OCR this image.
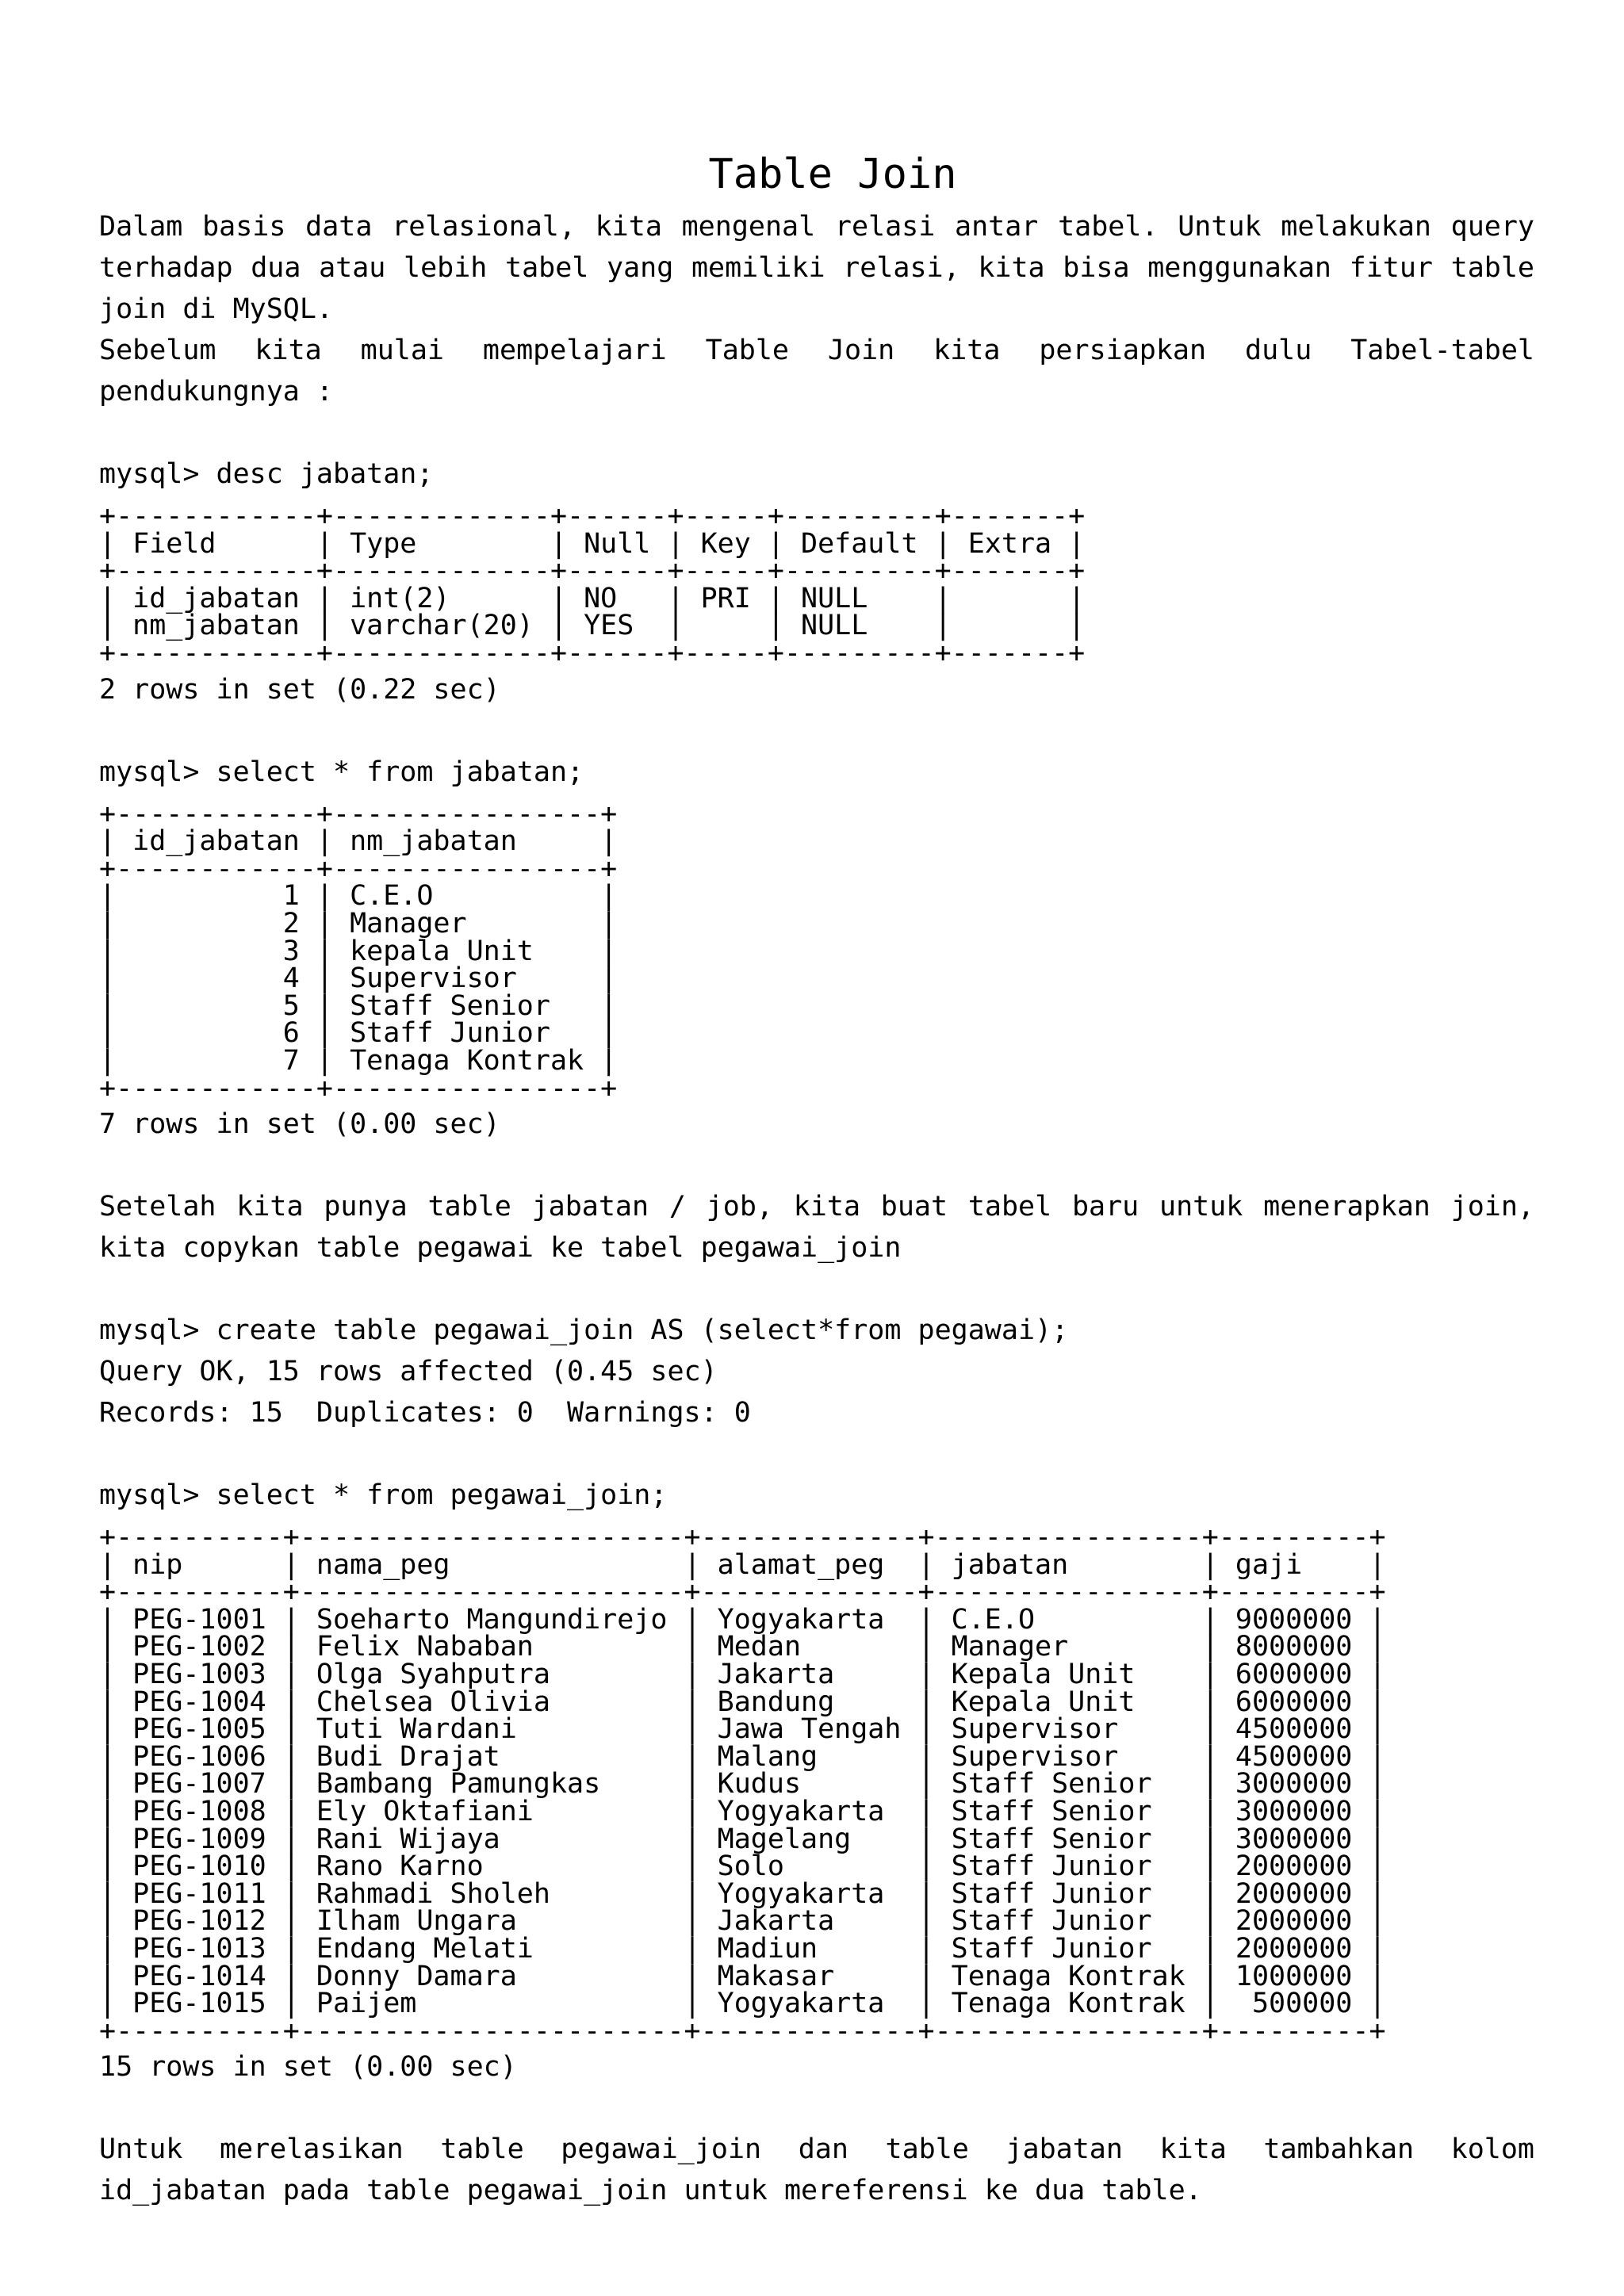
Table Join

Dalam basis data relasional, kita mengenal relasi antar tabel. Untuk melakukan query terhadap dua atau lebih tabel yang memiliki relasi, kita bisa menggunakan fitur table join di MySQL.

Sebelum kita mulai mempelajari Table Join kita persiapkan dulu Tabel-tabel pendukungnya :

mysql> desc jabatan;

+------------+-------------+------+-----+---------+-------+
| Field      | Type        | Null | Key | Default | Extra |
+------------+-------------+------+-----+---------+-------+
| id_jabatan | int(2)      | NO   | PRI | NULL    |       |
| nm_jabatan | varchar(20) | YES  |     | NULL    |       |
+------------+-------------+------+-----+---------+-------+

2 rows in set (0.22 sec)

mysql> select * from jabatan;

+------------+----------------+
| id_jabatan | nm_jabatan     |
+------------+----------------+
|          1 | C.E.O          |
|          2 | Manager        |
|          3 | kepala Unit    |
|          4 | Supervisor     |
|          5 | Staff Senior   |
|          6 | Staff Junior   |
|          7 | Tenaga Kontrak |
+------------+----------------+

7 rows in set (0.00 sec)

Setelah kita punya table jabatan / job, kita buat tabel baru untuk menerapkan join, kita copykan table pegawai ke tabel pegawai_join

mysql> create table pegawai_join AS (select*from pegawai);

Query OK, 15 rows affected (0.45 sec)

Records: 15  Duplicates: 0  Warnings: 0

mysql> select * from pegawai_join;

+----------+-----------------------+-------------+----------------+---------+
| nip      | nama_peg              | alamat_peg  | jabatan        | gaji    |
+----------+-----------------------+-------------+----------------+---------+
| PEG-1001 | Soeharto Mangundirejo | Yogyakarta  | C.E.O          | 9000000 |
| PEG-1002 | Felix Nababan         | Medan       | Manager        | 8000000 |
| PEG-1003 | Olga Syahputra        | Jakarta     | Kepala Unit    | 6000000 |
| PEG-1004 | Chelsea Olivia        | Bandung     | Kepala Unit    | 6000000 |
| PEG-1005 | Tuti Wardani          | Jawa Tengah | Supervisor     | 4500000 |
| PEG-1006 | Budi Drajat           | Malang      | Supervisor     | 4500000 |
| PEG-1007 | Bambang Pamungkas     | Kudus       | Staff Senior   | 3000000 |
| PEG-1008 | Ely Oktafiani         | Yogyakarta  | Staff Senior   | 3000000 |
| PEG-1009 | Rani Wijaya           | Magelang    | Staff Senior   | 3000000 |
| PEG-1010 | Rano Karno            | Solo        | Staff Junior   | 2000000 |
| PEG-1011 | Rahmadi Sholeh        | Yogyakarta  | Staff Junior   | 2000000 |
| PEG-1012 | Ilham Ungara          | Jakarta     | Staff Junior   | 2000000 |
| PEG-1013 | Endang Melati         | Madiun      | Staff Junior   | 2000000 |
| PEG-1014 | Donny Damara          | Makasar     | Tenaga Kontrak | 1000000 |
| PEG-1015 | Paijem                | Yogyakarta  | Tenaga Kontrak |  500000 |
+----------+-----------------------+-------------+----------------+---------+

15 rows in set (0.00 sec)

Untuk merelasikan table pegawai_join dan table jabatan kita tambahkan kolom id_jabatan pada table pegawai_join untuk mereferensi ke dua table.
